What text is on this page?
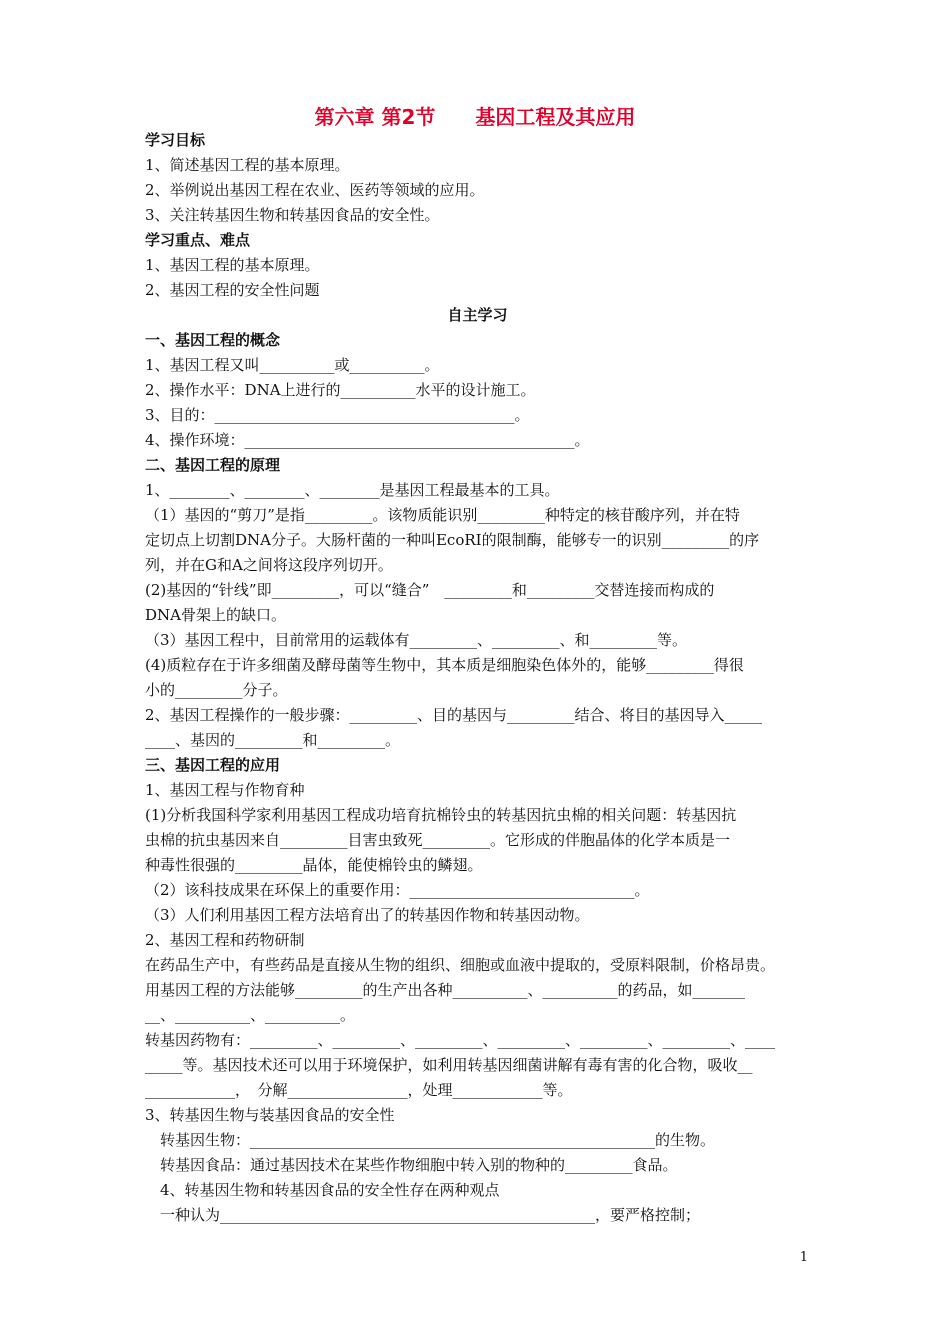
第六章 第2节　　基因工程及其应用
学习目标
1、简述基因工程的基本原理。
2、举例说出基因工程在农业、医药等领域的应用。
3、关注转基因生物和转基因食品的安全性。
学习重点、难点
1、基因工程的基本原理。
2、基因工程的安全性问题
自主学习
一、基因工程的概念
1、基因工程又叫__________或__________。
2、操作水平：DNA上进行的__________水平的设计施工。
3、目的：________________________________________。
4、操作环境：____________________________________________。
二、基因工程的原理
1、________、________、________是基因工程最基本的工具。
（1）基因的“剪刀”是指_________。该物质能识别_________种特定的核苷酸序列，并在特
定切点上切割DNA分子。大肠杆菌的一种叫EcoRI的限制酶，能够专一的识别_________的序
列，并在G和A之间将这段序列切开。
(2)基因的“针线”即_________，可以“缝合”　_________和_________交替连接而构成的
DNA骨架上的缺口。
（3）基因工程中，目前常用的运载体有_________、_________、和_________等。
(4)质粒存在于许多细菌及酵母菌等生物中，其本质是细胞染色体外的，能够_________得很
小的_________分子。
2、基因工程操作的一般步骤：_________、目的基因与_________结合、将目的基因导入_____
____、基因的_________和_________。
三、基因工程的应用
1、基因工程与作物育种
(1)分析我国科学家利用基因工程成功培育抗棉铃虫的转基因抗虫棉的相关问题：转基因抗
虫棉的抗虫基因来自_________目害虫致死_________。它形成的伴胞晶体的化学本质是一
种毒性很强的_________晶体，能使棉铃虫的鳞翅。
（2）该科技成果在环保上的重要作用：______________________________。
（3）人们利用基因工程方法培育出了的转基因作物和转基因动物。
2、基因工程和药物研制
在药品生产中，有些药品是直接从生物的组织、细胞或血液中提取的，受原料限制，价格昂贵。
用基因工程的方法能够_________的生产出各种__________、__________的药品，如_______
__、__________、__________。
转基因药物有：_________、_________、_________、_________、_________、_________、____
_____等。基因技术还可以用于环境保护，如利用转基因细菌讲解有毒有害的化合物，吸收__
____________，　分解________________，处理____________等。
3、转基因生物与装基因食品的安全性
　转基因生物：______________________________________________________的生物。
　转基因食品：通过基因技术在某些作物细胞中转入别的物种的_________食品。
　4、转基因生物和转基因食品的安全性存在两种观点
　一种认为__________________________________________________，要严格控制；
1
